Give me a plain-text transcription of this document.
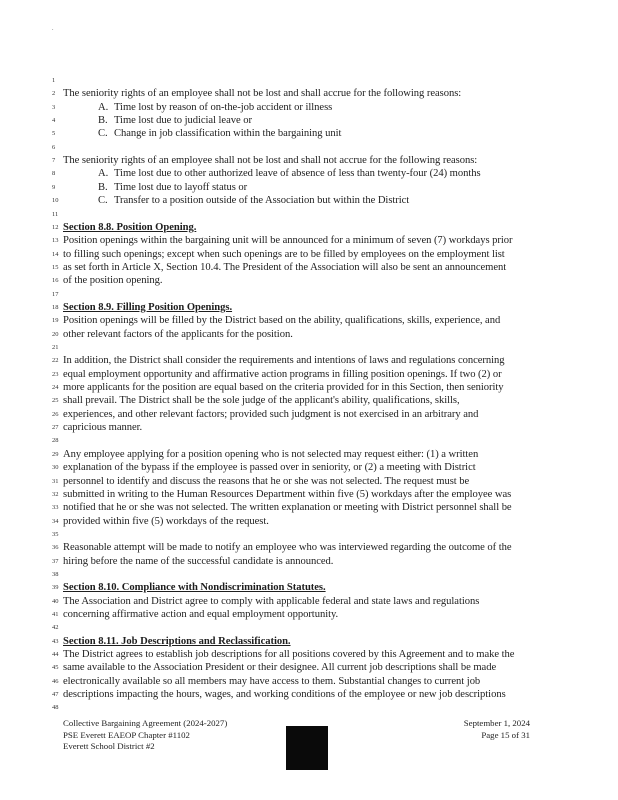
.
1
2 The seniority rights of an employee shall not be lost and shall accrue for the following reasons:
3	A. Time lost by reason of on-the-job accident or illness
4	B. Time lost due to judicial leave or
5	C. Change in job classification within the bargaining unit
6
7 The seniority rights of an employee shall not be lost and shall not accrue for the following reasons:
8	A. Time lost due to other authorized leave of absence of less than twenty-four (24) months
9	B. Time lost due to layoff status or
10	C. Transfer to a position outside of the Association but within the District
11
12 Section 8.8. Position Opening.
13 Position openings within the bargaining unit will be announced for a minimum of seven (7) workdays prior
14 to filling such openings; except when such openings are to be filled by employees on the employment list
15 as set forth in Article X, Section 10.4. The President of the Association will also be sent an announcement
16 of the position opening.
17
18 Section 8.9. Filling Position Openings.
19 Position openings will be filled by the District based on the ability, qualifications, skills, experience, and
20 other relevant factors of the applicants for the position.
21
22 In addition, the District shall consider the requirements and intentions of laws and regulations concerning
23 equal employment opportunity and affirmative action programs in filling position openings. If two (2) or
24 more applicants for the position are equal based on the criteria provided for in this Section, then seniority
25 shall prevail. The District shall be the sole judge of the applicant's ability, qualifications, skills,
26 experiences, and other relevant factors; provided such judgment is not exercised in an arbitrary and
27 capricious manner.
28
29 Any employee applying for a position opening who is not selected may request either: (1) a written
30 explanation of the bypass if the employee is passed over in seniority, or (2) a meeting with District
31 personnel to identify and discuss the reasons that he or she was not selected. The request must be
32 submitted in writing to the Human Resources Department within five (5) workdays after the employee was
33 notified that he or she was not selected. The written explanation or meeting with District personnel shall be
34 provided within five (5) workdays of the request.
35
36 Reasonable attempt will be made to notify an employee who was interviewed regarding the outcome of the
37 hiring before the name of the successful candidate is announced.
38
39 Section 8.10. Compliance with Nondiscrimination Statutes.
40 The Association and District agree to comply with applicable federal and state laws and regulations
41 concerning affirmative action and equal employment opportunity.
42
43 Section 8.11. Job Descriptions and Reclassification.
44 The District agrees to establish job descriptions for all positions covered by this Agreement and to make the
45 same available to the Association President or their designee. All current job descriptions shall be made
46 electronically available so all members may have access to them. Substantial changes to current job
47 descriptions impacting the hours, wages, and working conditions of the employee or new job descriptions
48
Collective Bargaining Agreement (2024-2027)
PSE Everett EAEOP Chapter #1102
Everett School District #2
September 1, 2024
Page 15 of 31
